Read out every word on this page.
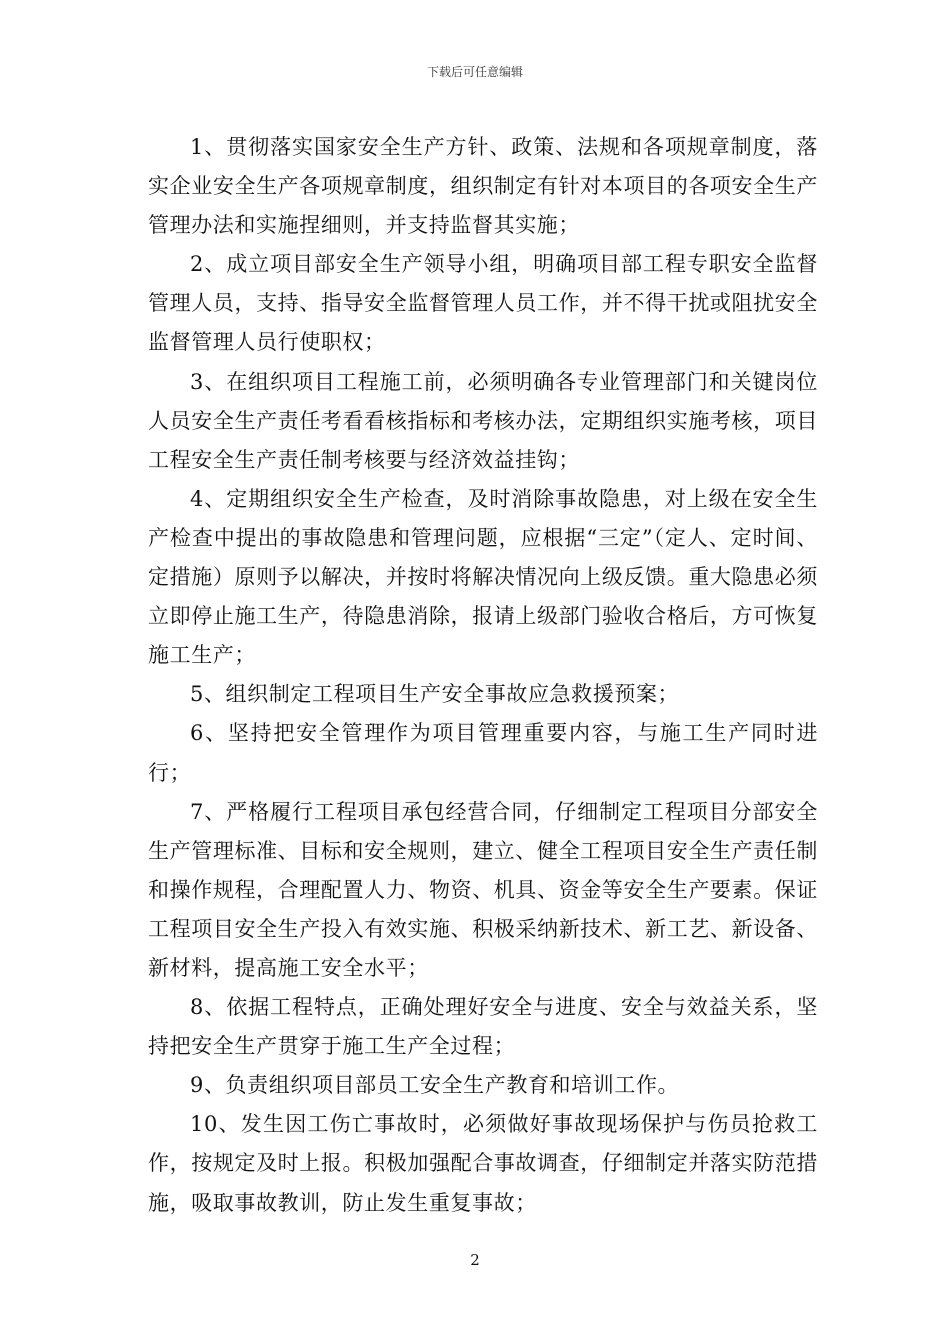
下载后可任意编辑

1、贯彻落实国家安全生产方针、政策、法规和各项规章制度，落实企业安全生产各项规章制度，组织制定有针对本项目的各项安全生产管理办法和实施捏细则，并支持监督其实施；

2、成立项目部安全生产领导小组，明确项目部工程专职安全监督管理人员，支持、指导安全监督管理人员工作，并不得干扰或阻扰安全监督管理人员行使职权；

3、在组织项目工程施工前，必须明确各专业管理部门和关键岗位人员安全生产责任考看看核指标和考核办法，定期组织实施考核，项目工程安全生产责任制考核要与经济效益挂钩；

4、定期组织安全生产检查，及时消除事故隐患，对上级在安全生产检查中提出的事故隐患和管理问题，应根据“三定”（定人、定时间、定措施）原则予以解决，并按时将解决情况向上级反馈。重大隐患必须立即停止施工生产，待隐患消除，报请上级部门验收合格后，方可恢复施工生产；

5、组织制定工程项目生产安全事故应急救援预案；

6、坚持把安全管理作为项目管理重要内容，与施工生产同时进行；

7、严格履行工程项目承包经营合同，仔细制定工程项目分部安全生产管理标准、目标和安全规则，建立、健全工程项目安全生产责任制和操作规程，合理配置人力、物资、机具、资金等安全生产要素。保证工程项目安全生产投入有效实施、积极采纳新技术、新工艺、新设备、新材料，提高施工安全水平；

8、依据工程特点，正确处理好安全与进度、安全与效益关系，坚持把安全生产贯穿于施工生产全过程；

9、负责组织项目部员工安全生产教育和培训工作。

10、发生因工伤亡事故时，必须做好事故现场保护与伤员抢救工作，按规定及时上报。积极加强配合事故调查，仔细制定并落实防范措施，吸取事故教训，防止发生重复事故；

2
